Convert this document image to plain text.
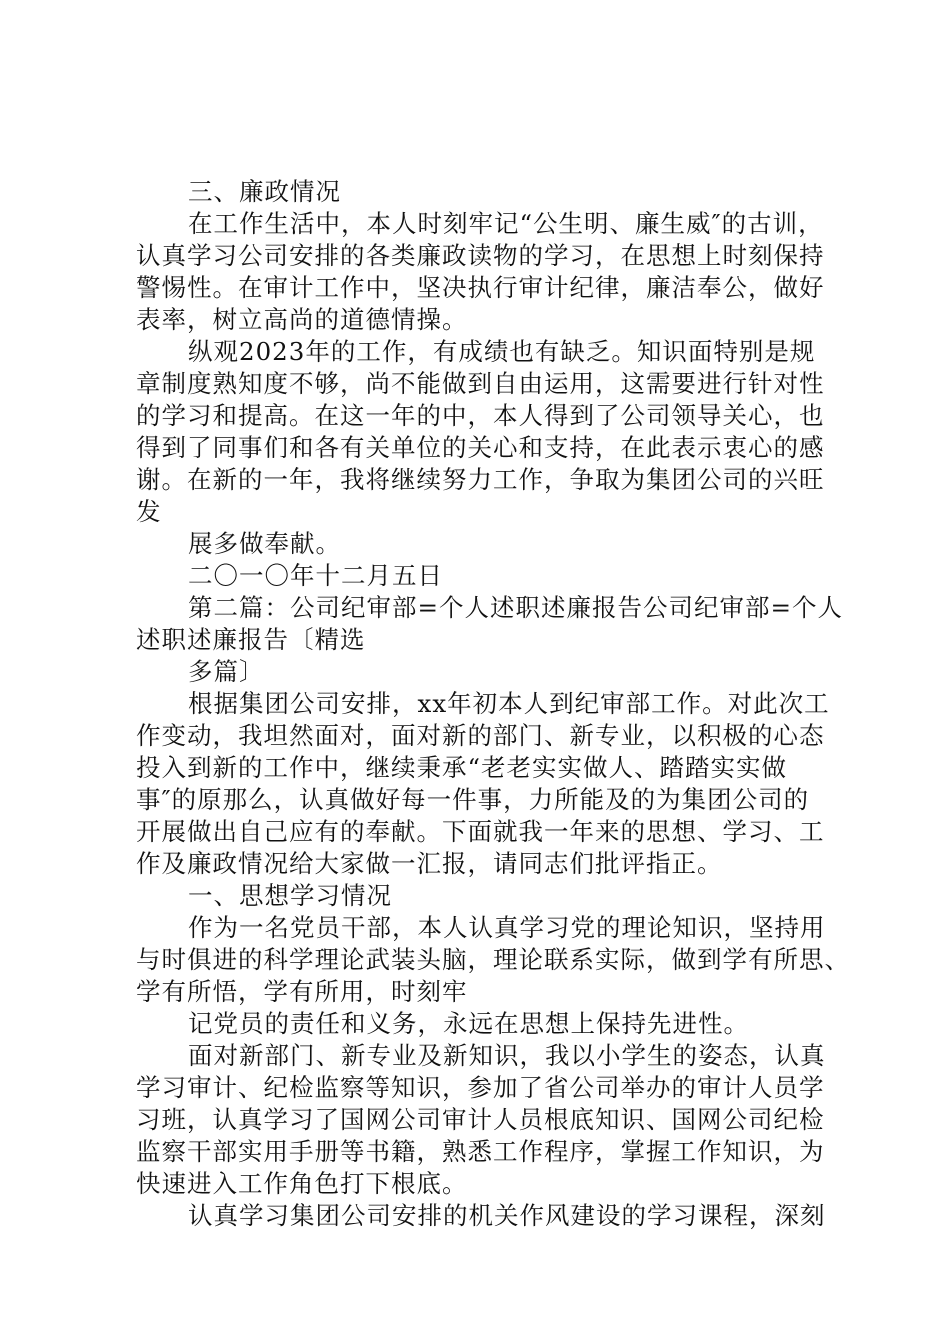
三、廉政情况
在工作生活中，本人时刻牢记“公生明、廉生威″的古训，
认真学习公司安排的各类廉政读物的学习，在思想上时刻保持
警惕性。在审计工作中，坚决执行审计纪律，廉洁奉公，做好
表率，树立高尚的道德情操。
纵观2023年的工作，有成绩也有缺乏。知识面特别是规
章制度熟知度不够，尚不能做到自由运用，这需要进行针对性
的学习和提高。在这一年的中，本人得到了公司领导关心，也
得到了同事们和各有关单位的关心和支持，在此表示衷心的感
谢。在新的一年，我将继续努力工作，争取为集团公司的兴旺
发
展多做奉献。
二〇一〇年十二月五日
第二篇：公司纪审部=个人述职述廉报告公司纪审部=个人
述职述廉报告〔精选
多篇〕
根据集团公司安排，xx年初本人到纪审部工作。对此次工
作变动，我坦然面对，面对新的部门、新专业，以积极的心态
投入到新的工作中，继续秉承“老老实实做人、踏踏实实做
事″的原那么，认真做好每一件事，力所能及的为集团公司的
开展做出自己应有的奉献。下面就我一年来的思想、学习、工
作及廉政情况给大家做一汇报，请同志们批评指正。
一、思想学习情况
作为一名党员干部，本人认真学习党的理论知识，坚持用
与时俱进的科学理论武装头脑，理论联系实际，做到学有所思、
学有所悟，学有所用，时刻牢
记党员的责任和义务，永远在思想上保持先进性。
面对新部门、新专业及新知识，我以小学生的姿态，认真
学习审计、纪检监察等知识，参加了省公司举办的审计人员学
习班，认真学习了国网公司审计人员根底知识、国网公司纪检
监察干部实用手册等书籍，熟悉工作程序，掌握工作知识，为
快速进入工作角色打下根底。
认真学习集团公司安排的机关作风建设的学习课程，深刻
